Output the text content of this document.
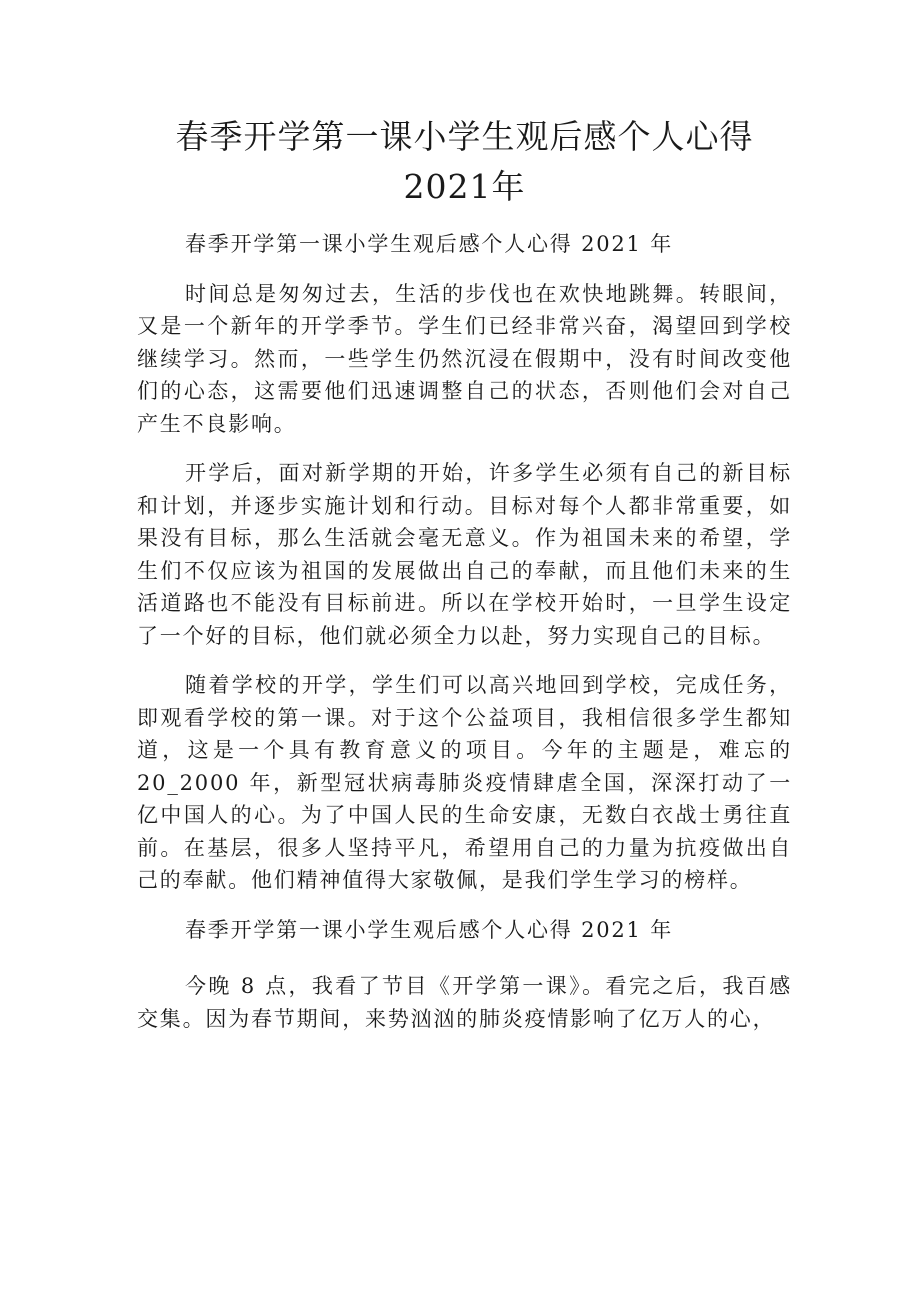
春季开学第一课小学生观后感个人心得
2021年

春季开学第一课小学生观后感个人心得 2021 年

时间总是匆匆过去，生活的步伐也在欢快地跳舞。转眼间，又是一个新年的开学季节。学生们已经非常兴奋，渴望回到学校继续学习。然而，一些学生仍然沉浸在假期中，没有时间改变他们的心态，这需要他们迅速调整自己的状态，否则他们会对自己产生不良影响。

开学后，面对新学期的开始，许多学生必须有自己的新目标和计划，并逐步实施计划和行动。目标对每个人都非常重要，如果没有目标，那么生活就会毫无意义。作为祖国未来的希望，学生们不仅应该为祖国的发展做出自己的奉献，而且他们未来的生活道路也不能没有目标前进。所以在学校开始时，一旦学生设定了一个好的目标，他们就必须全力以赴，努力实现自己的目标。

随着学校的开学，学生们可以高兴地回到学校，完成任务，即观看学校的第一课。对于这个公益项目，我相信很多学生都知道，这是一个具有教育意义的项目。今年的主题是，难忘的 20_2000 年，新型冠状病毒肺炎疫情肆虐全国，深深打动了一亿中国人的心。为了中国人民的生命安康，无数白衣战士勇往直前。在基层，很多人坚持平凡，希望用自己的力量为抗疫做出自己的奉献。他们精神值得大家敬佩，是我们学生学习的榜样。

春季开学第一课小学生观后感个人心得 2021 年

今晚 8 点，我看了节目《开学第一课》。看完之后，我百感交集。因为春节期间，来势汹汹的肺炎疫情影响了亿万人的心，
